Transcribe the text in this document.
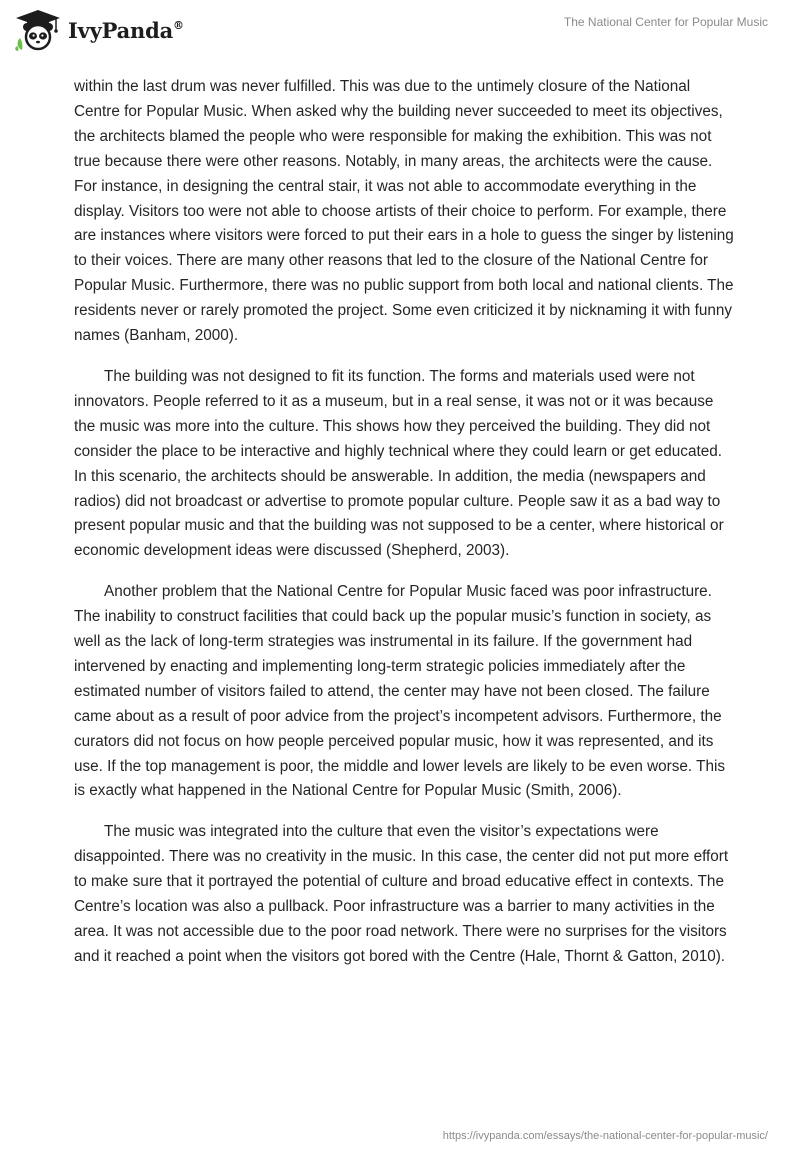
IvyPanda®	The National Center for Popular Music

within the last drum was never fulfilled. This was due to the untimely closure of the National Centre for Popular Music. When asked why the building never succeeded to meet its objectives, the architects blamed the people who were responsible for making the exhibition. This was not true because there were other reasons. Notably, in many areas, the architects were the cause. For instance, in designing the central stair, it was not able to accommodate everything in the display. Visitors too were not able to choose artists of their choice to perform. For example, there are instances where visitors were forced to put their ears in a hole to guess the singer by listening to their voices. There are many other reasons that led to the closure of the National Centre for Popular Music. Furthermore, there was no public support from both local and national clients. The residents never or rarely promoted the project. Some even criticized it by nicknaming it with funny names (Banham, 2000).

The building was not designed to fit its function. The forms and materials used were not innovators. People referred to it as a museum, but in a real sense, it was not or it was because the music was more into the culture. This shows how they perceived the building. They did not consider the place to be interactive and highly technical where they could learn or get educated. In this scenario, the architects should be answerable. In addition, the media (newspapers and radios) did not broadcast or advertise to promote popular culture. People saw it as a bad way to present popular music and that the building was not supposed to be a center, where historical or economic development ideas were discussed (Shepherd, 2003).

Another problem that the National Centre for Popular Music faced was poor infrastructure. The inability to construct facilities that could back up the popular music’s function in society, as well as the lack of long-term strategies was instrumental in its failure. If the government had intervened by enacting and implementing long-term strategic policies immediately after the estimated number of visitors failed to attend, the center may have not been closed. The failure came about as a result of poor advice from the project’s incompetent advisors. Furthermore, the curators did not focus on how people perceived popular music, how it was represented, and its use. If the top management is poor, the middle and lower levels are likely to be even worse. This is exactly what happened in the National Centre for Popular Music (Smith, 2006).

The music was integrated into the culture that even the visitor’s expectations were disappointed. There was no creativity in the music. In this case, the center did not put more effort to make sure that it portrayed the potential of culture and broad educative effect in contexts. The Centre’s location was also a pullback. Poor infrastructure was a barrier to many activities in the area. It was not accessible due to the poor road network. There were no surprises for the visitors and it reached a point when the visitors got bored with the Centre (Hale, Thornt & Gatton, 2010).

https://ivypanda.com/essays/the-national-center-for-popular-music/
